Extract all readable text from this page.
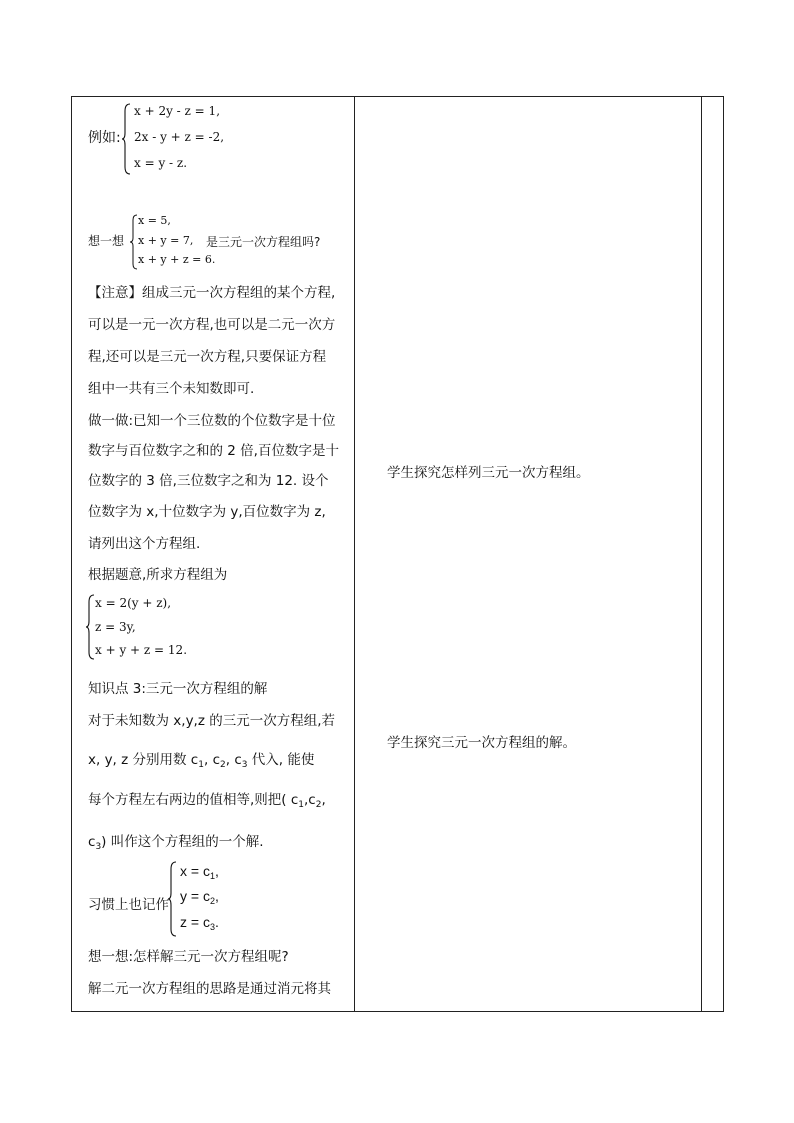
例如:
x + 2y - z = 1,
2x - y + z = -2,
x = y - z.
想一想
x = 5,
x + y = 7,
x + y + z = 6.
是三元一次方程组吗?
【注意】组成三元一次方程组的某个方程,
可以是一元一次方程,也可以是二元一次方
程,还可以是三元一次方程,只要保证方程
组中一共有三个未知数即可.
做一做:已知一个三位数的个位数字是十位
数字与百位数字之和的 2 倍,百位数字是十
位数字的 3 倍,三位数字之和为 12. 设个
位数字为 x,十位数字为 y,百位数字为 z,
请列出这个方程组.
根据题意,所求方程组为
x = 2(y + z),
z = 3y,
x + y + z = 12.
知识点 3:三元一次方程组的解
对于未知数为 x,y,z 的三元一次方程组,若
x, y, z 分别用数 $c_1$, $c_2$, $c_3$ 代入, 能使
每个方程左右两边的值相等,则把( $c_1,c_2$,
$c_3$) 叫作这个方程组的一个解.
习惯上也记作
$x = c_1$,
$y = c_2$,
$z = c_3$.
想一想:怎样解三元一次方程组呢?
解二元一次方程组的思路是通过消元将其
学生探究怎样列三元一次方程组。
学生探究三元一次方程组的解。
